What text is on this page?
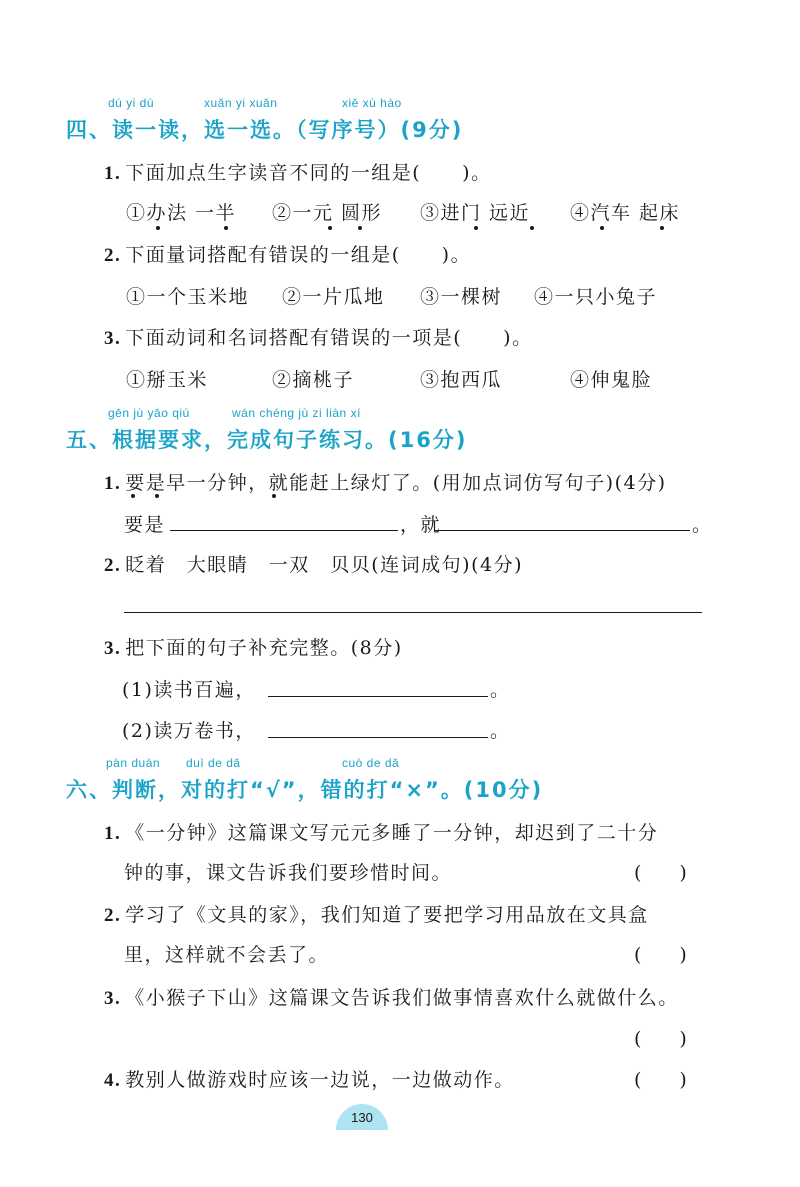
dú yi dú	xuǎn yi xuǎn	xiě xù hào
四、读一读，选一选。（写序号）(9分)
1. 下面加点生字读音不同的一组是(　　)。
①办法 一半 ②一元 圆形 ③进门 远近 ④汽车 起床
2. 下面量词搭配有错误的一组是(　　)。
①一个玉米地 ②一片瓜地 ③一棵树 ④一只小兔子
3. 下面动词和名词搭配有错误的一项是(　　)。
①掰玉米	②摘桃子	③抱西瓜	④伸鬼脸
gēn jù yāo qiú	wán chéng jù zi liàn xí
五、根据要求，完成句子练习。(16分)
1. 要是早一分钟，就能赶上绿灯了。(用加点词仿写句子)(4分)
要是	，就	。
2. 眨着　大眼睛　一双　贝贝(连词成句)(4分)
3. 把下面的句子补充完整。(8分)
(1)读书百遍，	。
(2)读万卷书，	。
pàn duàn duì de dǎ	cuò de dǎ
六、判断，对的打“√”，错的打“×”。(10分)
1. 《一分钟》这篇课文写元元多睡了一分钟，却迟到了二十分
钟的事，课文告诉我们要珍惜时间。	(　　)
2. 学习了《文具的家》，我们知道了要把学习用品放在文具盒
里，这样就不会丢了。	(　　)
3. 《小猴子下山》这篇课文告诉我们做事情喜欢什么就做什么。
(　　)
4. 教别人做游戏时应该一边说，一边做动作。	(　　)
130
